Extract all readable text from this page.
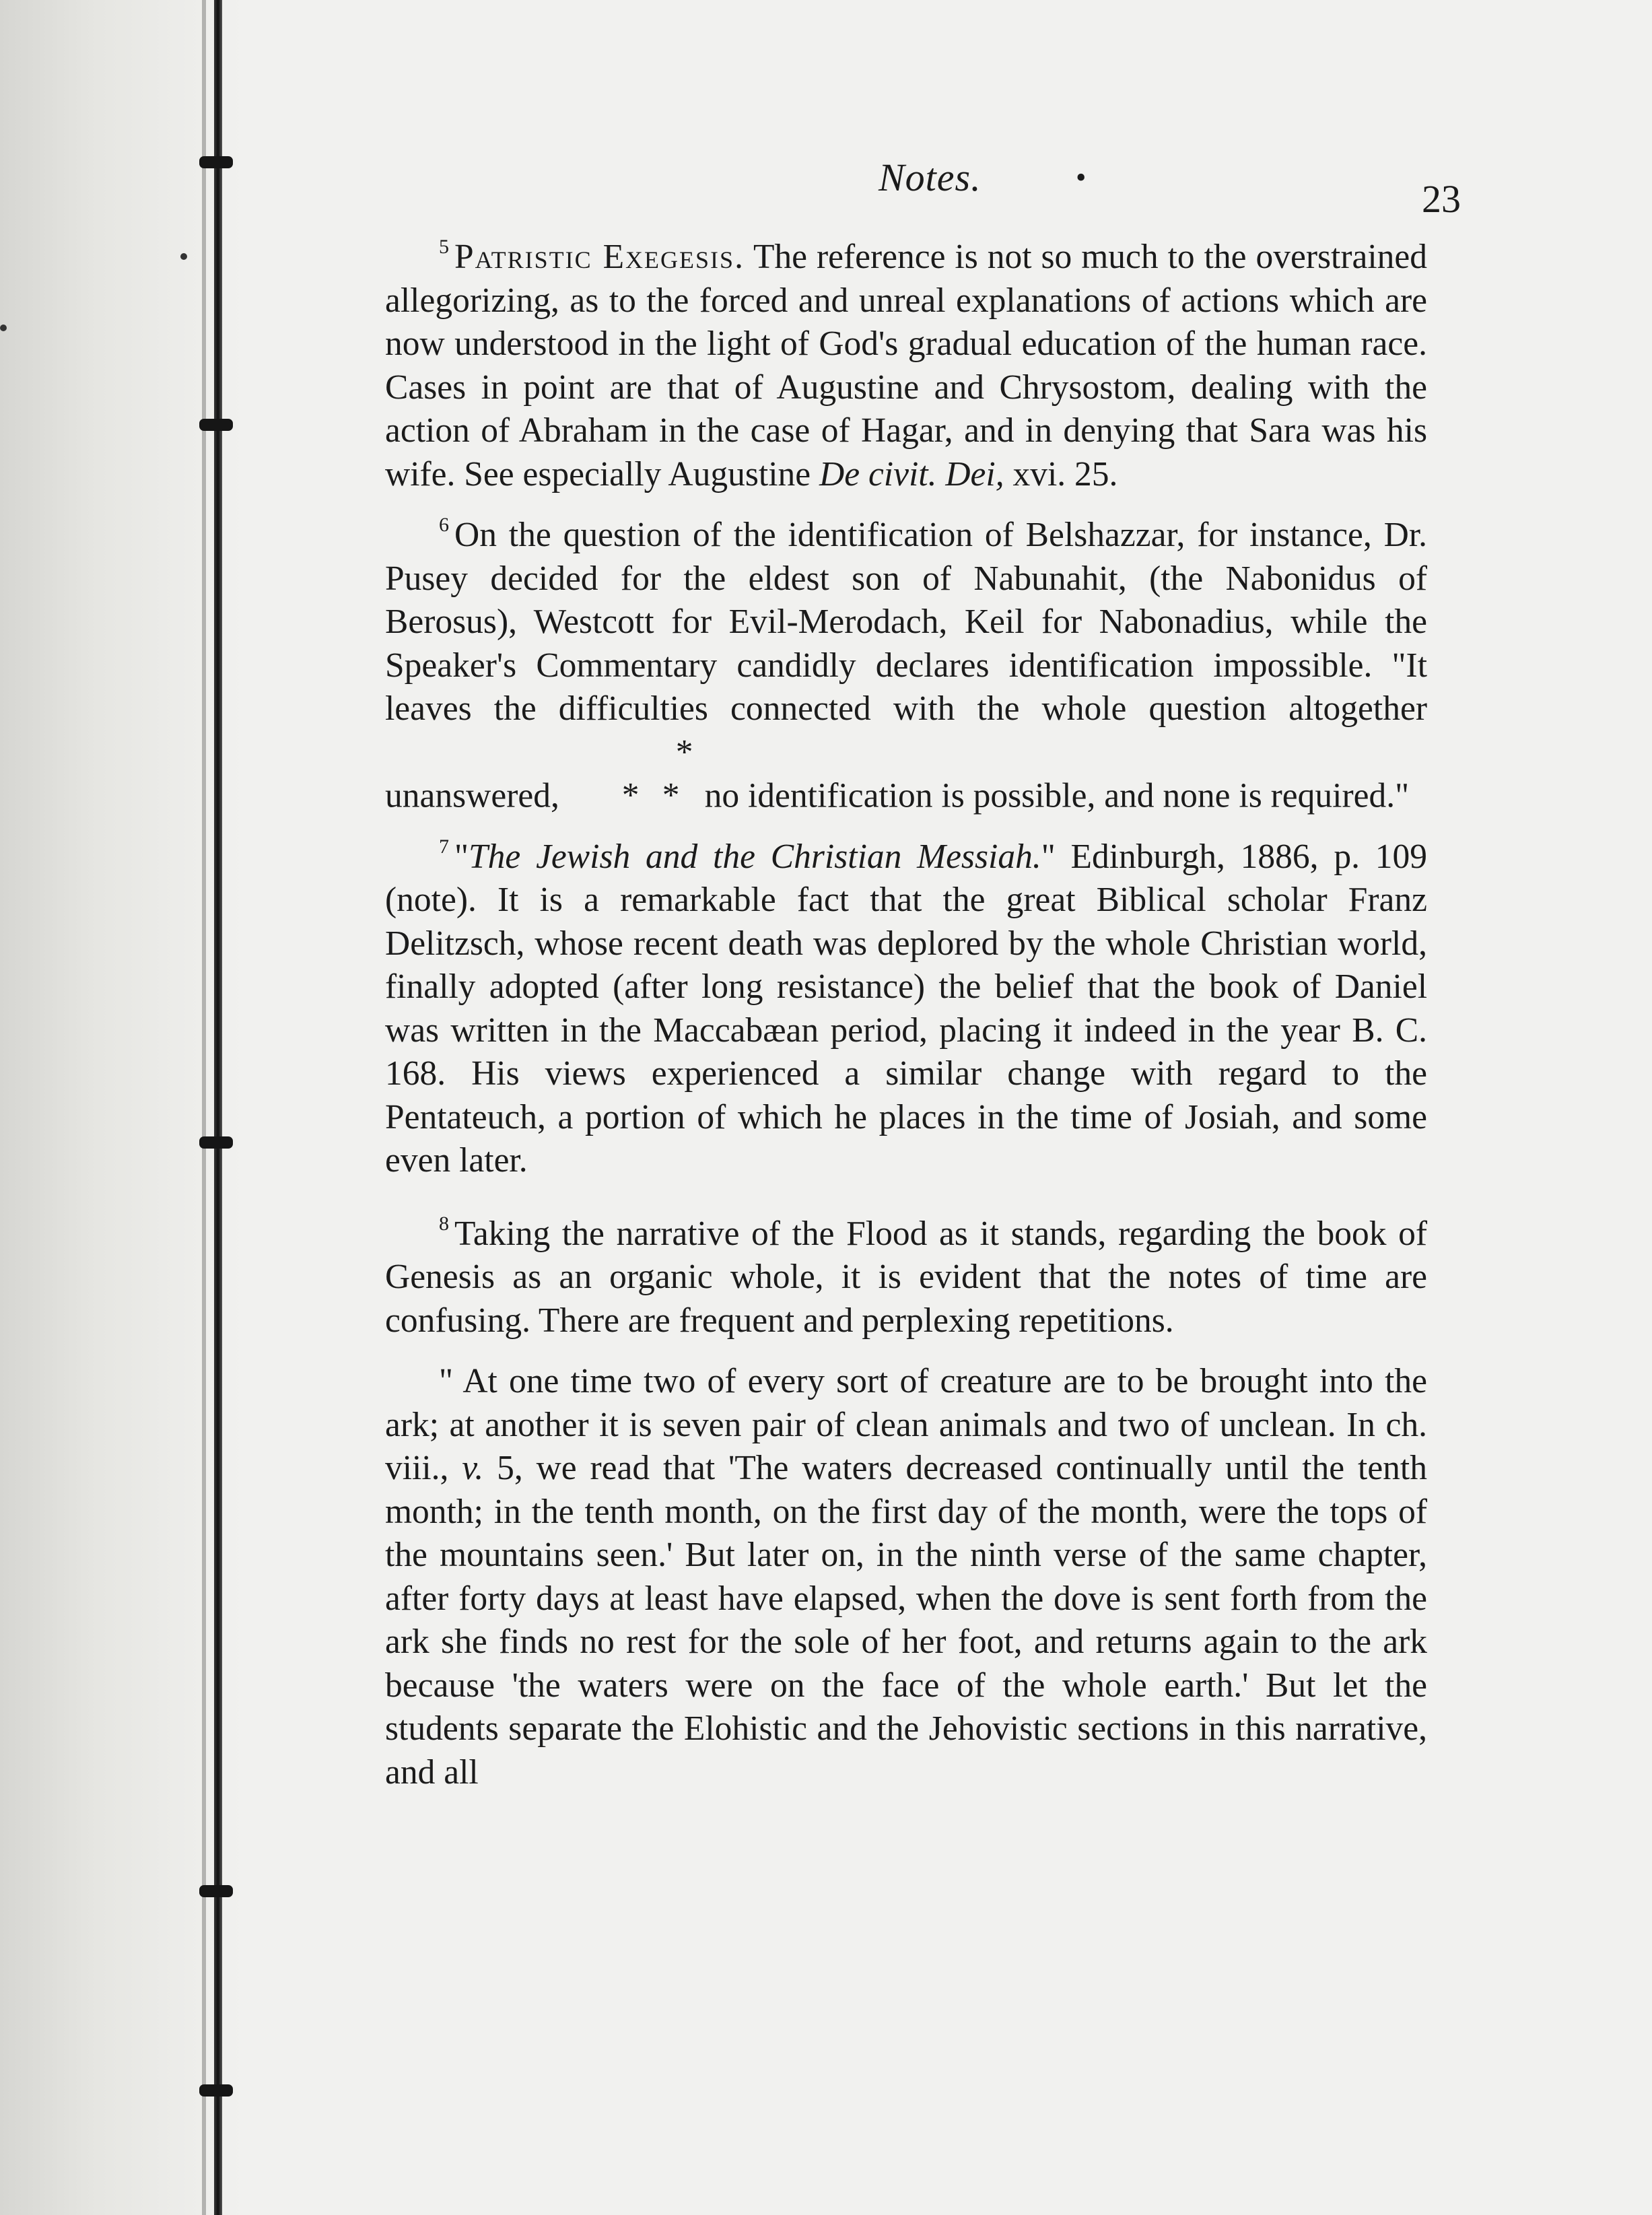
Notes.	•	23

$^5$ Patristic Exegesis. The reference is not so much to the overstrained allegorizing, as to the forced and unreal explanations of actions which are now understood in the light of God's gradual education of the human race. Cases in point are that of Augustine and Chrysostom, dealing with the action of Abraham in the case of Hagar, and in denying that Sara was his wife. See especially Augustine De civit. Dei, xvi. 25.

$^6$ On the question of the identification of Belshazzar, for instance, Dr. Pusey decided for the eldest son of Nabunahit, (the Nabonidus of Berosus), Westcott for Evil-Merodach, Keil for Nabonadius, while the Speaker's Commentary candidly declares identification impossible. "It leaves the difficulties connected with the whole question altogether unanswered, ** * no identification is possible, and none is required."

$^7$ "The Jewish and the Christian Messiah." Edinburgh, 1886, p. 109 (note). It is a remarkable fact that the great Biblical scholar Franz Delitzsch, whose recent death was deplored by the whole Christian world, finally adopted (after long resistance) the belief that the book of Daniel was written in the Maccabæan period, placing it indeed in the year B. C. 168. His views experienced a similar change with regard to the Pentateuch, a portion of which he places in the time of Josiah, and some even later.

$^8$ Taking the narrative of the Flood as it stands, regarding the book of Genesis as an organic whole, it is evident that the notes of time are confusing. There are frequent and perplexing repetitions.

" At one time two of every sort of creature are to be brought into the ark; at another it is seven pair of clean animals and two of unclean. In ch. viii., v. 5, we read that 'The waters decreased continually until the tenth month; in the tenth month, on the first day of the month, were the tops of the mountains seen.' But later on, in the ninth verse of the same chapter, after forty days at least have elapsed, when the dove is sent forth from the ark she finds no rest for the sole of her foot, and returns again to the ark because 'the waters were on the face of the whole earth.' But let the students separate the Elohistic and the Jehovistic sections in this narrative, and all
